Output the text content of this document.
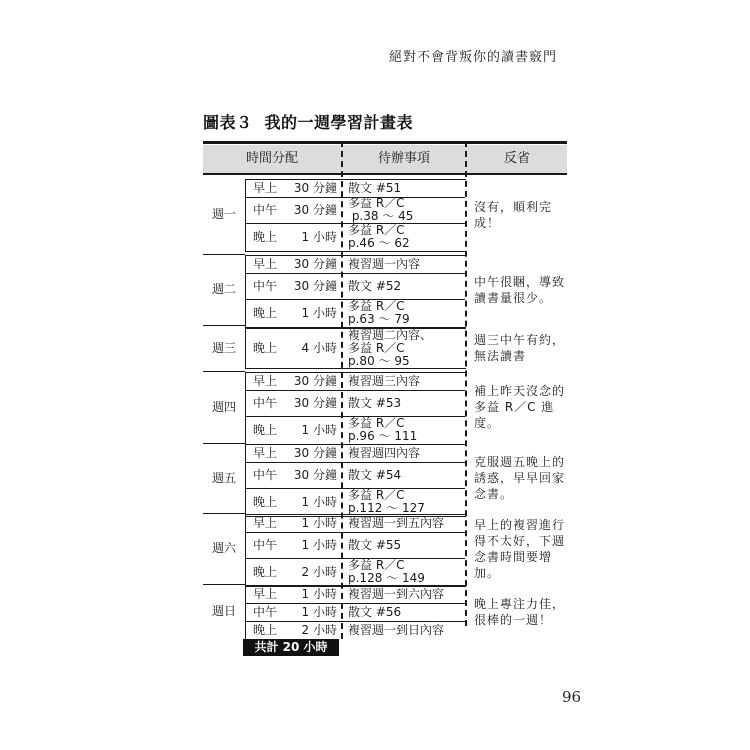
絕對不會背叛你的讀書竅門
圖表３ 我的一週學習計畫表
時間分配	待辦事項	反省
共計 20 小時
週一
早上	30 分鐘 散文 #51
中午	30 分鐘 多益 R／C
p.38 ～ 45
晚上	1 小時 多益 R／C
p.46 ～ 62
沒有，順利完成！
週二
早上	30 分鐘 複習週一內容
中午	30 分鐘 散文 #52
晚上	1 小時 多益 R／C
p.63 ～ 79
中午很睏，導致讀書量很少。
週三	晚上	4 小時
複習週二內容、
多益 R／C
p.80 ～ 95
週三中午有約，無法讀書
週四
早上	30 分鐘 複習週三內容
中午	30 分鐘 散文 #53
晚上	1 小時 多益 R／C
p.96 ～ 111
補上昨天沒念的多益 R／C 進度。
週五
早上	30 分鐘 複習週四內容
中午	30 分鐘 散文 #54
晚上	1 小時 多益 R／C
p.112 ～ 127
克服週五晚上的誘惑，早早回家念書。
週六
早上	1 小時 複習週一到五內容
中午	1 小時 散文 #55
晚上	2 小時 多益 R／C
p.128 ～ 149
早上的複習進行得不太好，下週念書時間要增加。
週日
早上	1 小時 複習週一到六內容
中午	1 小時 散文 #56
晚上	2 小時 複習週一到日內容
晚上專注力佳，很棒的一週！
96
